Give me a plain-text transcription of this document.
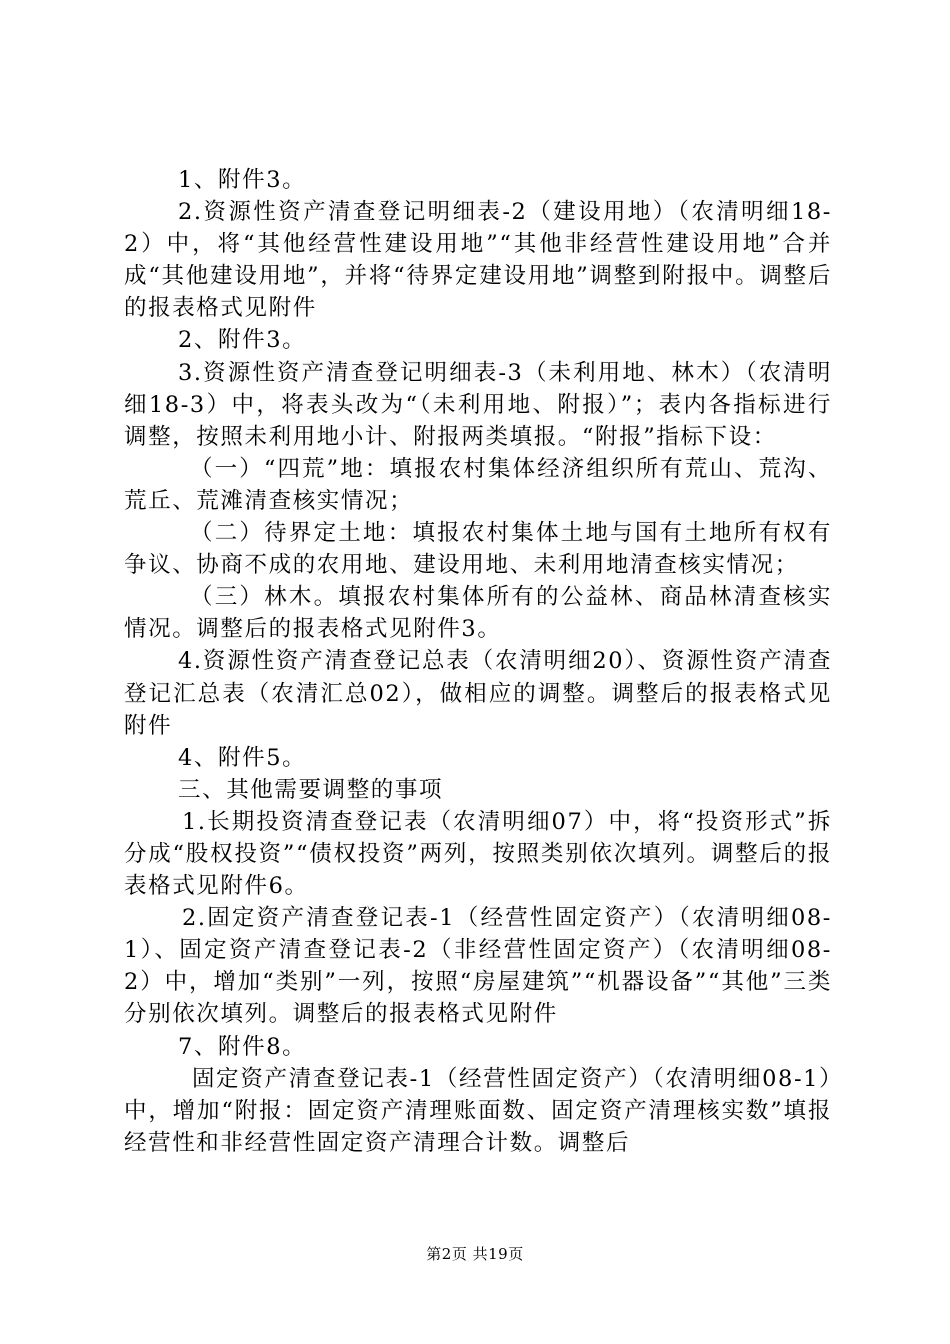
1、附件3。

2.资源性资产清查登记明细表-2（建设用地）（农清明细18-2）中，将“其他经营性建设用地”“其他非经营性建设用地”合并成“其他建设用地”，并将“待界定建设用地”调整到附报中。调整后的报表格式见附件

2、附件3。

3.资源性资产清查登记明细表-3（未利用地、林木）（农清明细18-3）中，将表头改为“（未利用地、附报）”；表内各指标进行调整，按照未利用地小计、附报两类填报。“附报”指标下设：

（一）“四荒”地：填报农村集体经济组织所有荒山、荒沟、荒丘、荒滩清查核实情况；

（二）待界定土地：填报农村集体土地与国有土地所有权有争议、协商不成的农用地、建设用地、未利用地清查核实情况；

（三）林木。填报农村集体所有的公益林、商品林清查核实情况。调整后的报表格式见附件3。

4.资源性资产清查登记总表（农清明细20）、资源性资产清查登记汇总表（农清汇总02），做相应的调整。调整后的报表格式见附件

4、附件5。

三、其他需要调整的事项

1.长期投资清查登记表（农清明细07）中，将“投资形式”拆分成“股权投资”“债权投资”两列，按照类别依次填列。调整后的报表格式见附件6。

2.固定资产清查登记表-1（经营性固定资产）（农清明细08-1）、固定资产清查登记表-2（非经营性固定资产）（农清明细08-2）中，增加“类别”一列，按照“房屋建筑”“机器设备”“其他”三类分别依次填列。调整后的报表格式见附件

7、附件8。

固定资产清查登记表-1（经营性固定资产）（农清明细08-1）中，增加“附报：固定资产清理账面数、固定资产清理核实数”填报经营性和非经营性固定资产清理合计数。调整后

第2页 共19页
